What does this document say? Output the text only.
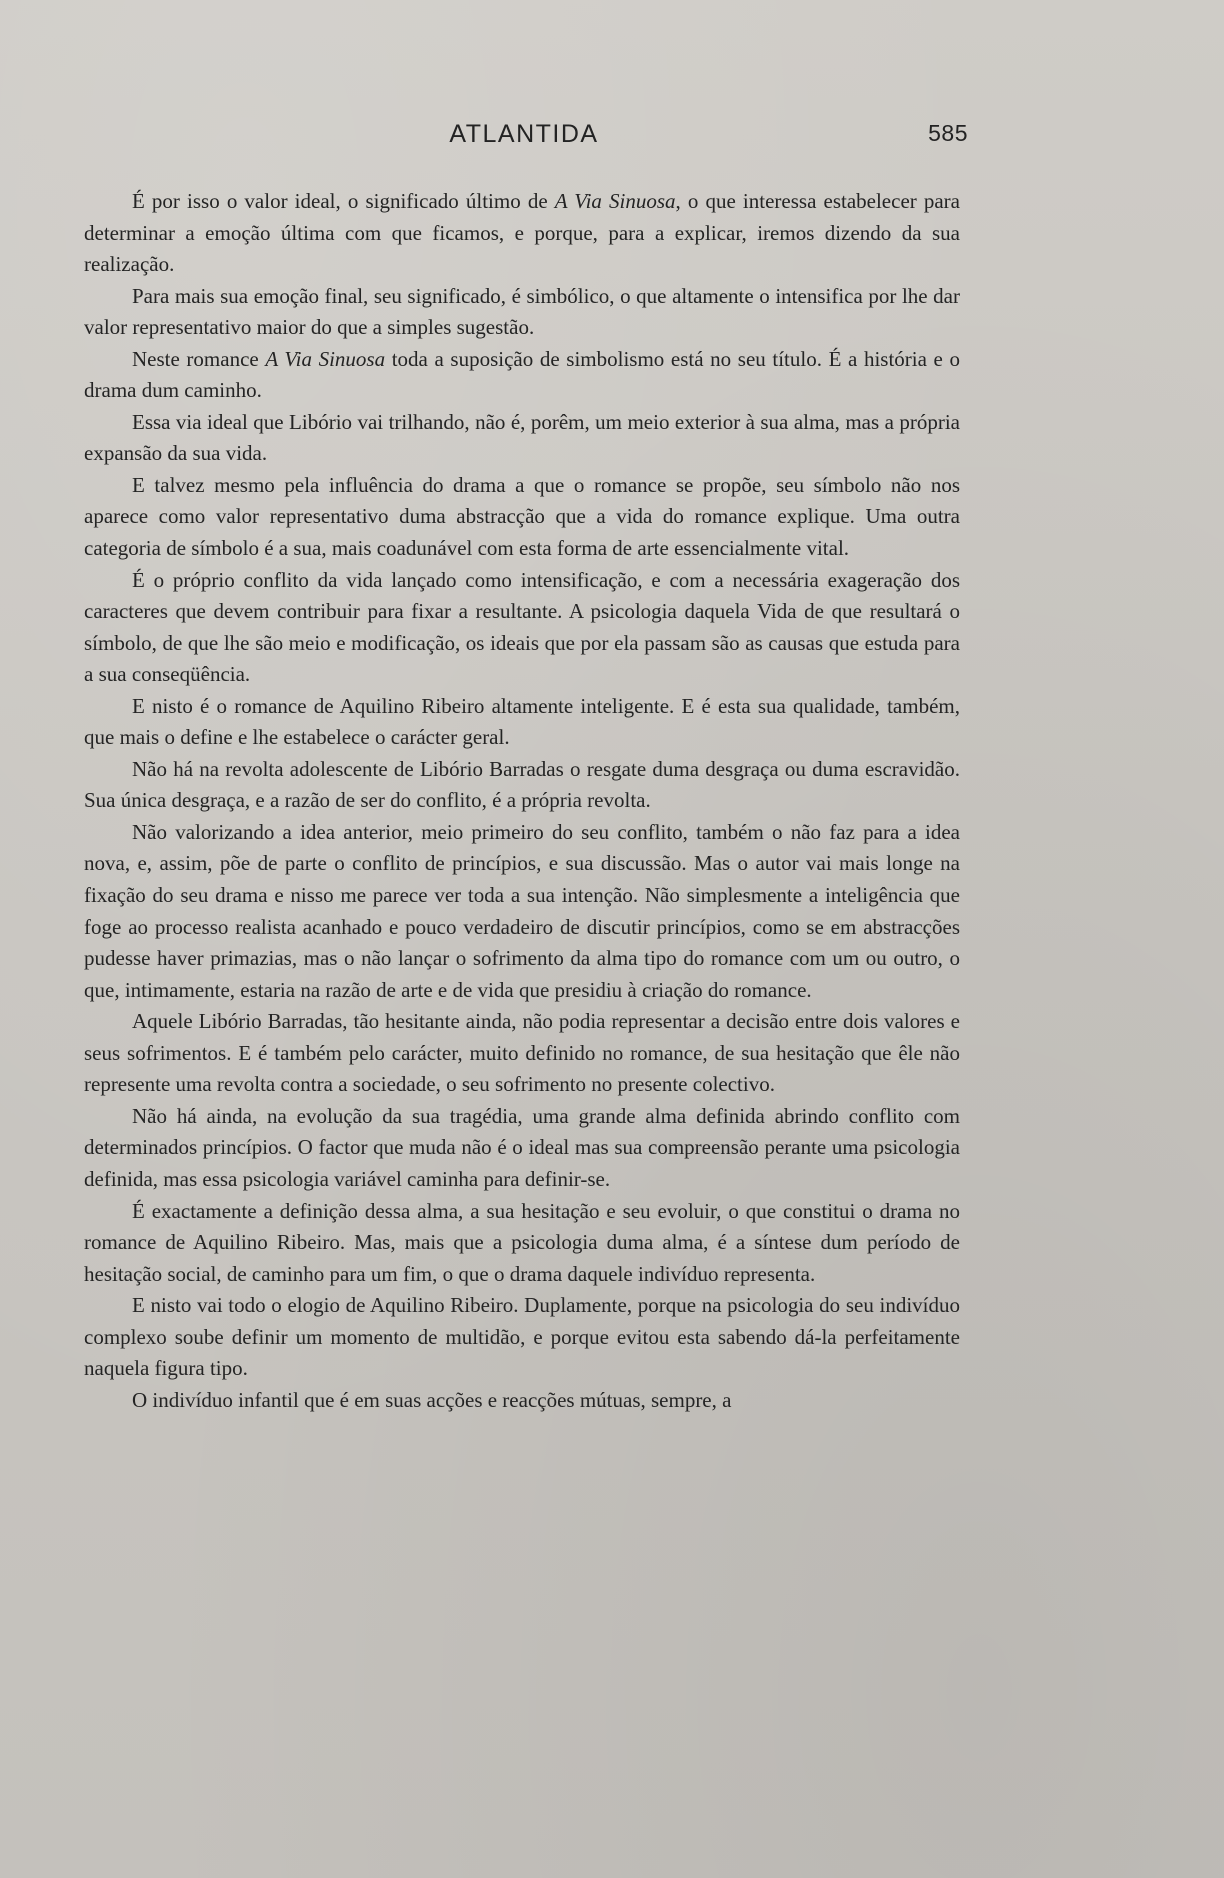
ATLANTIDA	585

É por isso o valor ideal, o significado último de A Via Sinuosa, o que interessa estabelecer para determinar a emoção última com que ficamos, e porque, para a explicar, iremos dizendo da sua realização.

Para mais sua emoção final, seu significado, é simbólico, o que altamente o intensifica por lhe dar valor representativo maior do que a simples sugestão.

Neste romance A Via Sinuosa toda a suposição de simbolismo está no seu título. É a história e o drama dum caminho.

Essa via ideal que Libório vai trilhando, não é, porêm, um meio exterior à sua alma, mas a própria expansão da sua vida.

E talvez mesmo pela influência do drama a que o romance se propõe, seu símbolo não nos aparece como valor representativo duma abstracção que a vida do romance explique. Uma outra categoria de símbolo é a sua, mais coadunável com esta forma de arte essencialmente vital.

É o próprio conflito da vida lançado como intensificação, e com a necessária exageração dos caracteres que devem contribuir para fixar a resultante. A psicologia daquela Vida de que resultará o símbolo, de que lhe são meio e modificação, os ideais que por ela passam são as causas que estuda para a sua conseqüência.

E nisto é o romance de Aquilino Ribeiro altamente inteligente. E é esta sua qualidade, também, que mais o define e lhe estabelece o carácter geral.

Não há na revolta adolescente de Libório Barradas o resgate duma desgraça ou duma escravidão. Sua única desgraça, e a razão de ser do conflito, é a própria revolta.

Não valorizando a idea anterior, meio primeiro do seu conflito, também o não faz para a idea nova, e, assim, põe de parte o conflito de princípios, e sua discussão. Mas o autor vai mais longe na fixação do seu drama e nisso me parece ver toda a sua intenção. Não simplesmente a inteligência que foge ao processo realista acanhado e pouco verdadeiro de discutir princípios, como se em abstracções pudesse haver primazias, mas o não lançar o sofrimento da alma tipo do romance com um ou outro, o que, intimamente, estaria na razão de arte e de vida que presidiu à criação do romance.

Aquele Libório Barradas, tão hesitante ainda, não podia representar a decisão entre dois valores e seus sofrimentos. E é também pelo carácter, muito definido no romance, de sua hesitação que êle não represente uma revolta contra a sociedade, o seu sofrimento no presente colectivo.

Não há ainda, na evolução da sua tragédia, uma grande alma definida abrindo conflito com determinados princípios. O factor que muda não é o ideal mas sua compreensão perante uma psicologia definida, mas essa psicologia variável caminha para definir-se.

É exactamente a definição dessa alma, a sua hesitação e seu evoluir, o que constitui o drama no romance de Aquilino Ribeiro. Mas, mais que a psicologia duma alma, é a síntese dum período de hesitação social, de caminho para um fim, o que o drama daquele indivíduo representa.

E nisto vai todo o elogio de Aquilino Ribeiro. Duplamente, porque na psicologia do seu indivíduo complexo soube definir um momento de multidão, e porque evitou esta sabendo dá-la perfeitamente naquela figura tipo.

O indivíduo infantil que é em suas acções e reacções mútuas, sempre, a
